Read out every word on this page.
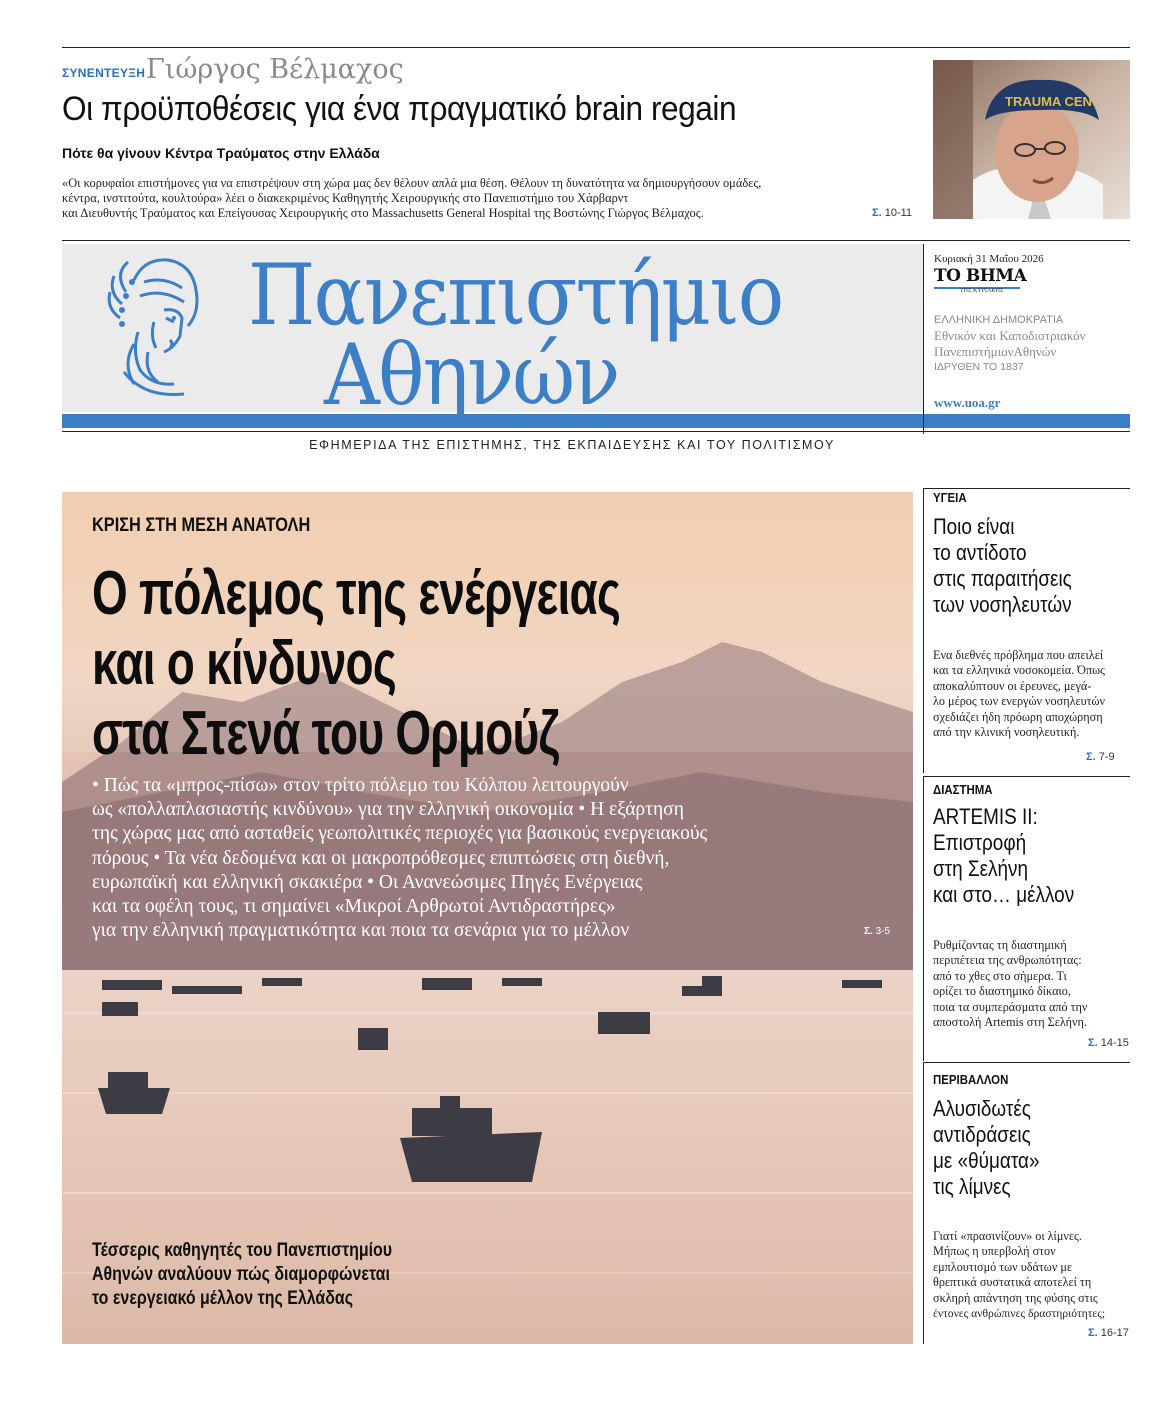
ΣΥΝΕΝΤΕΥΞΗ Γιώργος Βέλμαχος
Οι προϋποθέσεις για ένα πραγματικό brain regain
Πότε θα γίνουν Κέντρα Τραύματος στην Ελλάδα
«Οι κορυφαίοι επιστήμονες για να επιστρέψουν στη χώρα μας δεν θέλουν απλά μια θέση. Θέλουν τη δυνατότητα να δημιουργήσουν ομάδες,
κέντρα, ινστιτούτα, κουλτούρα» λέει ο διακεκριμένος Καθηγητής Χειρουργικής στο Πανεπιστήμιο του Χάρβαρντ
και Διευθυντής Τραύματος και Επείγουσας Χειρουργικής στο Massachusetts General Hospital της Βοστώνης Γιώργος Βέλμαχος.	Σ. 10-11
TRAUMA CEN
Πανεπιστήμιο
Αθηνών
ΕΦΗΜΕΡΙΔΑ ΤΗΣ ΕΠΙΣΤΗΜΗΣ, ΤΗΣ ΕΚΠΑΙΔΕΥΣΗΣ ΚΑΙ ΤΟΥ ΠΟΛΙΤΙΣΜΟΥ
Κυριακή 31 Μαΐου 2026
ΤΟ ΒΗΜΑ
ΤΗΣ ΚΥΡΙΑΚΗΣ
ΕΛΛΗΝΙΚΗ ΔΗΜΟΚΡΑΤΙΑ
Εθνικόν και Καποδιστριακόν
ΠανεπιστήμιονΑθηνών
ΙΔΡΥΘΕΝ ΤΟ 1837
www.uoa.gr
ΚΡΙΣΗ ΣΤΗ ΜΕΣΗ ΑΝΑΤΟΛΗ
Ο πόλεμος της ενέργειας
και ο κίνδυνος
στα Στενά του Ορμούζ
• Πώς τα «μπρος-πίσω» στον τρίτο πόλεμο του Κόλπου λειτουργούν
ως «πολλαπλασιαστής κινδύνου» για την ελληνική οικονομία • Η εξάρτηση
της χώρας μας από ασταθείς γεωπολιτικές περιοχές για βασικούς ενεργειακούς
πόρους • Τα νέα δεδομένα και οι μακροπρόθεσμες επιπτώσεις στη διεθνή,
ευρωπαϊκή και ελληνική σκακιέρα • Οι Ανανεώσιμες Πηγές Ενέργειας
και τα οφέλη τους, τι σημαίνει «Μικροί Αρθρωτοί Αντιδραστήρες»
για την ελληνική πραγματικότητα και ποια τα σενάρια για το μέλλον	Σ. 3-5
Τέσσερις καθηγητές του Πανεπιστημίου
Αθηνών αναλύουν πώς διαμορφώνεται
το ενεργειακό μέλλον της Ελλάδας
ΥΓΕΙΑ
Ποιο είναι
το αντίδοτο
στις παραιτήσεις
των νοσηλευτών
Ενα διεθνές πρόβλημα που απειλεί
και τα ελληνικά νοσοκομεία. Όπως
αποκαλύπτουν οι έρευνες, μεγά-
λο μέρος των ενεργών νοσηλευτών
σχεδιάζει ήδη πρόωρη αποχώρηση
από την κλινική νοσηλευτική.
Σ. 7-9
ΔΙΑΣΤΗΜΑ
ARTEMIS II:
Επιστροφή
στη Σελήνη
και στο… μέλλον
Ρυθμίζοντας τη διαστημική
περιπέτεια της ανθρωπότητας:
από το χθες στο σήμερα. Τι
ορίζει το διαστημικό δίκαιο,
ποια τα συμπεράσματα από την
αποστολή Artemis στη Σελήνη.
Σ. 14-15
ΠΕΡΙΒΑΛΛΟΝ
Αλυσιδωτές
αντιδράσεις
με «θύματα»
τις λίμνες
Γιατί «πρασινίζουν» οι λίμνες.
Μήπως η υπερβολή στον
εμπλουτισμό των υδάτων με
θρεπτικά συστατικά αποτελεί τη
σκληρή απάντηση της φύσης στις
έντονες ανθρώπινες δραστηριότητες;
Σ. 16-17
